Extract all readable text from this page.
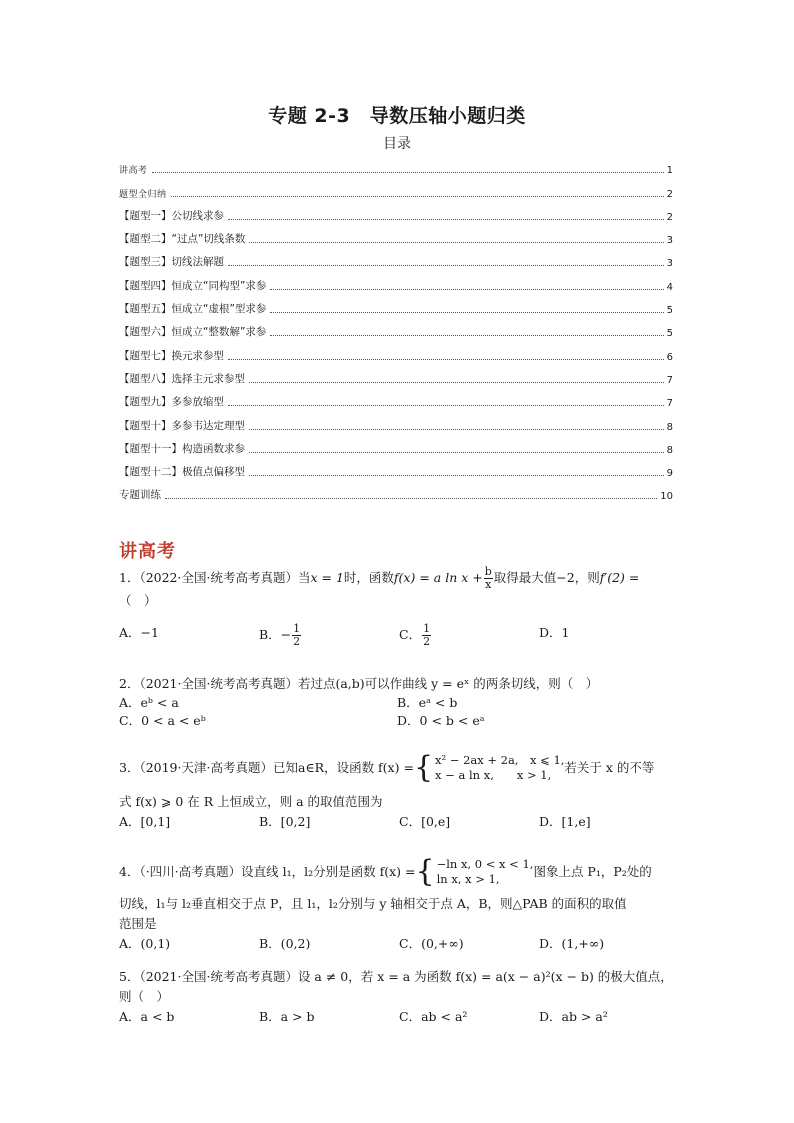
专题 2-3　导数压轴小题归类
目录
讲高考	1
题型全归纳	2
【题型一】公切线求参	2
【题型二】“过点”切线条数	3
【题型三】切线法解题	3
【题型四】恒成立“同构型”求参	4
【题型五】恒成立“虚根”型求参	5
【题型六】恒成立“整数解”求参	5
【题型七】换元求参型	6
【题型八】选择主元求参型	7
【题型九】多参放缩型	7
【题型十】多参韦达定理型	8
【题型十一】构造函数求参	8
【题型十二】极值点偏移型	9
专题训练	10
讲高考
1．（2022·全国·统考高考真题）当x = 1时，函数f(x) = a $\ln x + \frac{b}{x}$ 取得最大值−2，则f′(2) =
（　）
A．−1	B．− $\frac{1}{2}$	C． $\frac{1}{2}$	D．1
2．（2021·全国·统考高考真题）若过点(a,b)可以作曲线 y = eˣ 的两条切线，则（　）
A．eᵇ < a	B．eᵃ < b
C．0 < a < eᵇ	D．0 < b < eᵃ
3．（2019·天津·高考真题）已知a∈R，设函数 f(x) = { x² − 2ax + 2a,　x ⩽ 1,
x − a ln x,　　x > 1,	若关于 x 的不等
式 f(x) ⩾ 0 在 R 上恒成立，则 a 的取值范围为
A．[0,1]	B．[0,2]	C．[0,e]	D．[1,e]
4．（·四川·高考真题）设直线 l₁，l₂分别是函数 f(x) = { −ln x, 0 < x < 1,
ln x, x > 1,	图象上点 P₁，P₂处的
切线，l₁与 l₂垂直相交于点 P，且 l₁，l₂分别与 y 轴相交于点 A，B，则△PAB 的面积的取值
范围是
A．(0,1)	B．(0,2)	C．(0,+∞)	D．(1,+∞)
5．（2021·全国·统考高考真题）设 a ≠ 0，若 x = a 为函数 f(x) = a(x − a)²(x − b) 的极大值点，
则（　）
A．a < b	B．a > b	C．ab < a²	D．ab > a²
